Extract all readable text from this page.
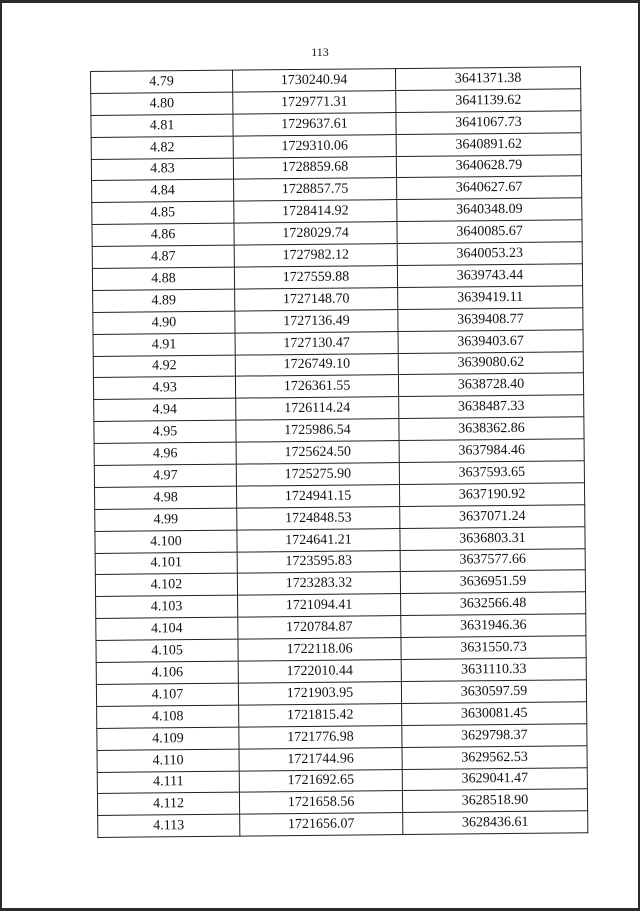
113
4.79	1730240.94	3641371.38
4.80	1729771.31	3641139.62
4.81	1729637.61	3641067.73
4.82	1729310.06	3640891.62
4.83	1728859.68	3640628.79
4.84	1728857.75	3640627.67
4.85	1728414.92	3640348.09
4.86	1728029.74	3640085.67
4.87	1727982.12	3640053.23
4.88	1727559.88	3639743.44
4.89	1727148.70	3639419.11
4.90	1727136.49	3639408.77
4.91	1727130.47	3639403.67
4.92	1726749.10	3639080.62
4.93	1726361.55	3638728.40
4.94	1726114.24	3638487.33
4.95	1725986.54	3638362.86
4.96	1725624.50	3637984.46
4.97	1725275.90	3637593.65
4.98	1724941.15	3637190.92
4.99	1724848.53	3637071.24
4.100	1724641.21	3636803.31
4.101	1723595.83	3637577.66
4.102	1723283.32	3636951.59
4.103	1721094.41	3632566.48
4.104	1720784.87	3631946.36
4.105	1722118.06	3631550.73
4.106	1722010.44	3631110.33
4.107	1721903.95	3630597.59
4.108	1721815.42	3630081.45
4.109	1721776.98	3629798.37
4.110	1721744.96	3629562.53
4.111	1721692.65	3629041.47
4.112	1721658.56	3628518.90
4.113	1721656.07	3628436.61
